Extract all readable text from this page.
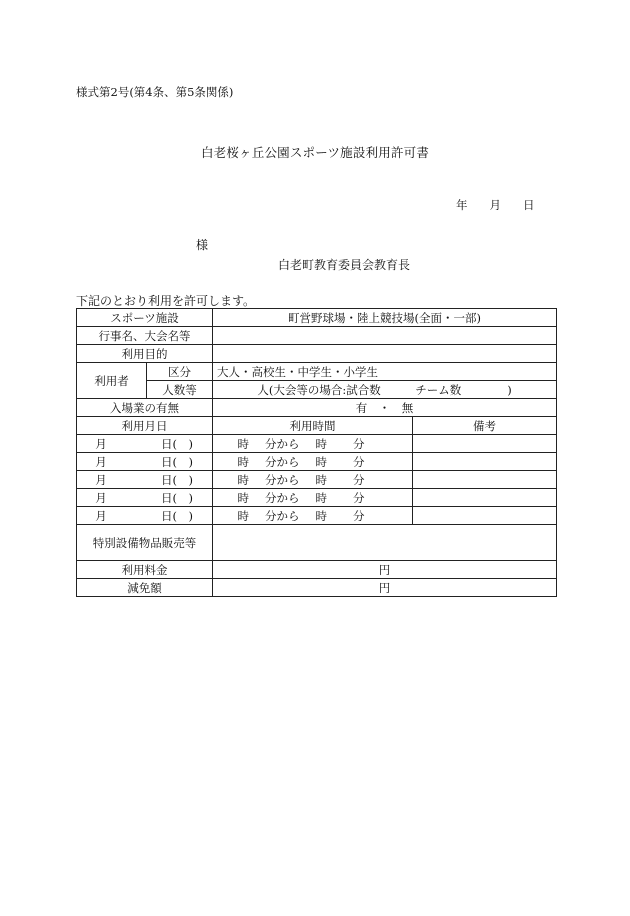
様式第2号(第4条、第5条関係)
白老桜ヶ丘公園スポーツ施設利用許可書
年 月 日
様
白老町教育委員会教育長
下記のとおり利用を許可します。
スポーツ施設		町営野球場・陸上競技場(全面・一部)	
行事名、大会名等			
利用目的			
利用者	区分	大人・高校生・中学生・小学生	
	人数等	人(大会等の場合:試合数　　　チーム数　　　　)	
入場業の有無		有　・　無	
利用月日		利用時間	備考
月 日(　)		時 分から 時 分	
月 日(　)		時 分から 時 分	
月 日(　)		時 分から 時 分	
月 日(　)		時 分から 時 分	
月 日(　)		時 分から 時 分	
特別設備物品販売等			
利用料金		円	
減免額		円	
